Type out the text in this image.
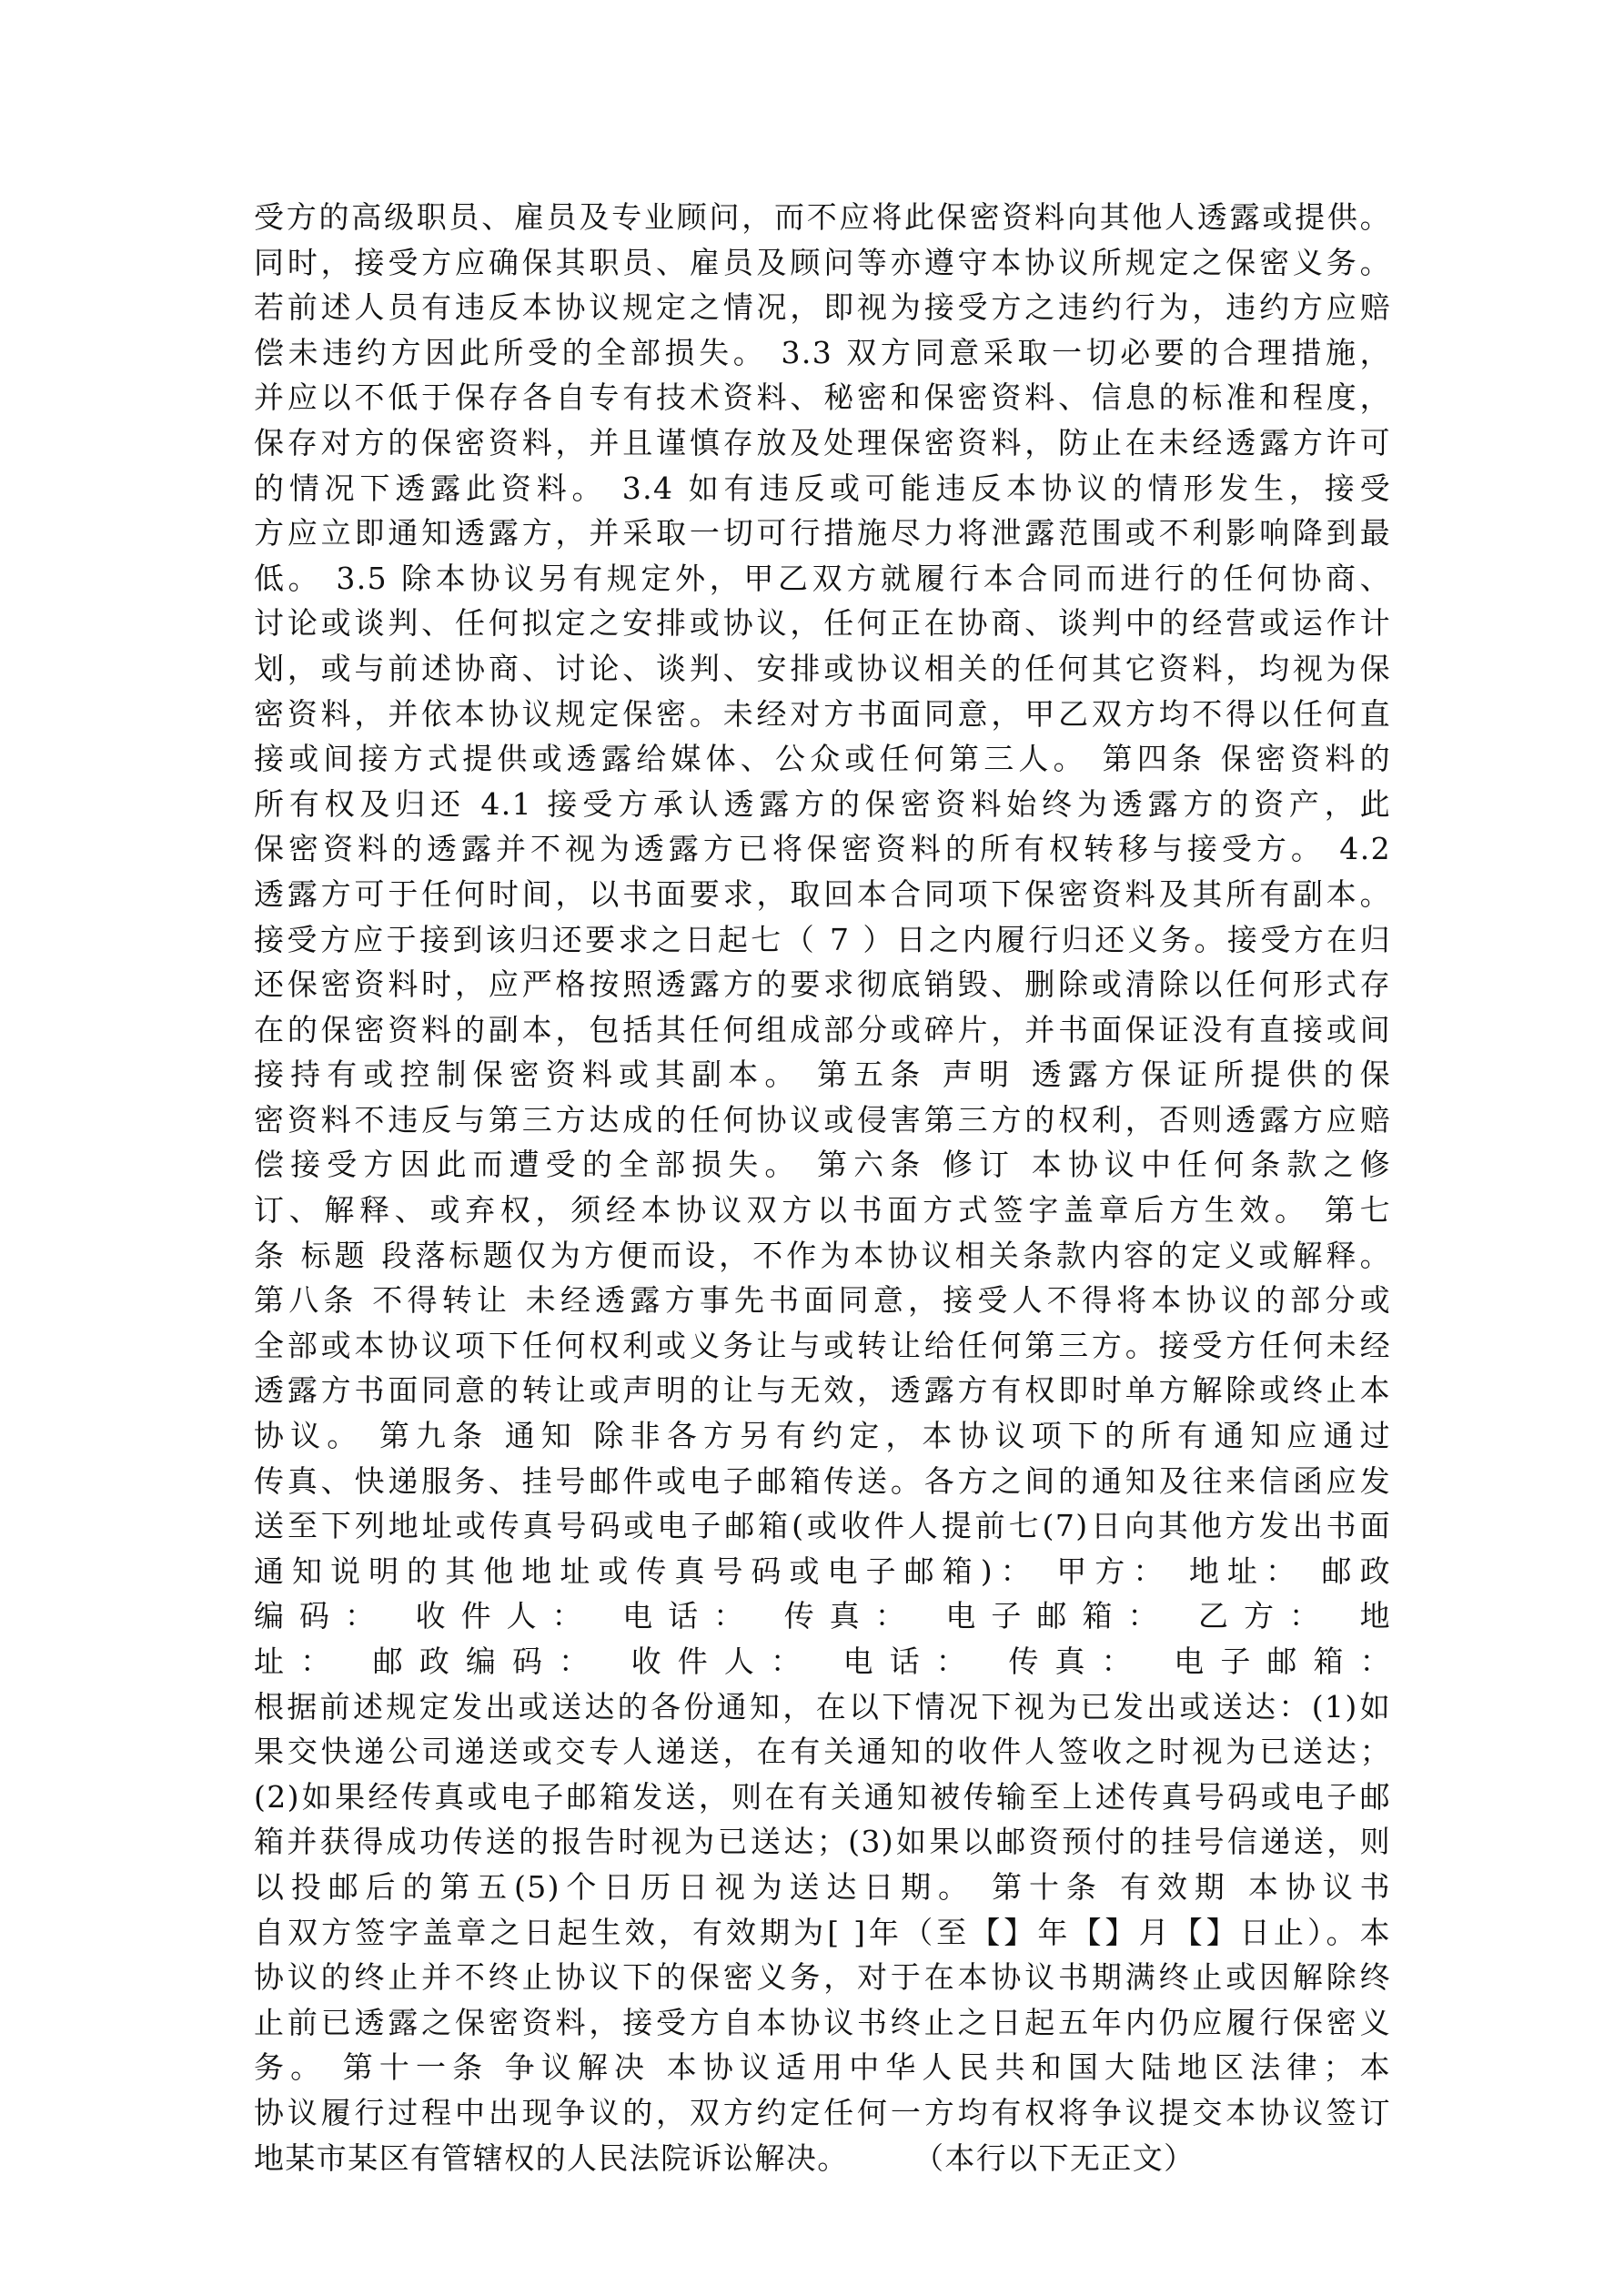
受方的高级职员、雇员及专业顾问，而不应将此保密资料向其他人透露或提供。
同时，接受方应确保其职员、雇员及顾问等亦遵守本协议所规定之保密义务。
若前述人员有违反本协议规定之情况，即视为接受方之违约行为，违约方应赔
偿未违约方因此所受的全部损失。 3.3 双方同意采取一切必要的合理措施，
并应以不低于保存各自专有技术资料、秘密和保密资料、信息的标准和程度，
保存对方的保密资料，并且谨慎存放及处理保密资料，防止在未经透露方许可
的情况下透露此资料。 3.4 如有违反或可能违反本协议的情形发生，接受
方应立即通知透露方，并采取一切可行措施尽力将泄露范围或不利影响降到最
低。 3.5 除本协议另有规定外，甲乙双方就履行本合同而进行的任何协商、
讨论或谈判、任何拟定之安排或协议，任何正在协商、谈判中的经营或运作计
划，或与前述协商、讨论、谈判、安排或协议相关的任何其它资料，均视为保
密资料，并依本协议规定保密。未经对方书面同意，甲乙双方均不得以任何直
接或间接方式提供或透露给媒体、公众或任何第三人。 第四条 保密资料的
所有权及归还 4.1 接受方承认透露方的保密资料始终为透露方的资产，此
保密资料的透露并不视为透露方已将保密资料的所有权转移与接受方。 4.2
透露方可于任何时间，以书面要求，取回本合同项下保密资料及其所有副本。
接受方应于接到该归还要求之日起七（ 7 ）日之内履行归还义务。接受方在归
还保密资料时，应严格按照透露方的要求彻底销毁、删除或清除以任何形式存
在的保密资料的副本，包括其任何组成部分或碎片，并书面保证没有直接或间
接持有或控制保密资料或其副本。 第五条 声明 透露方保证所提供的保
密资料不违反与第三方达成的任何协议或侵害第三方的权利，否则透露方应赔
偿接受方因此而遭受的全部损失。 第六条 修订 本协议中任何条款之修
订、解释、或弃权，须经本协议双方以书面方式签字盖章后方生效。 第七
条 标题 段落标题仅为方便而设，不作为本协议相关条款内容的定义或解释。
第八条 不得转让 未经透露方事先书面同意，接受人不得将本协议的部分或
全部或本协议项下任何权利或义务让与或转让给任何第三方。接受方任何未经
透露方书面同意的转让或声明的让与无效，透露方有权即时单方解除或终止本
协议。 第九条 通知 除非各方另有约定，本协议项下的所有通知应通过
传真、快递服务、挂号邮件或电子邮箱传送。各方之间的通知及往来信函应发
送至下列地址或传真号码或电子邮箱(或收件人提前七(7)日向其他方发出书面
通知说明的其他地址或传真号码或电子邮箱)： 甲方： 地址： 邮政
编码： 收件人： 电话： 传真： 电子邮箱： 乙方： 地
址： 邮政编码： 收件人： 电话： 传真： 电子邮箱：
根据前述规定发出或送达的各份通知，在以下情况下视为已发出或送达：(1)如
果交快递公司递送或交专人递送，在有关通知的收件人签收之时视为已送达；
(2)如果经传真或电子邮箱发送，则在有关通知被传输至上述传真号码或电子邮
箱并获得成功传送的报告时视为已送达；(3)如果以邮资预付的挂号信递送，则
以投邮后的第五(5)个日历日视为送达日期。 第十条 有效期 本协议书
自双方签字盖章之日起生效，有效期为[ ]年（至【】年【】月【】日止）。本
协议的终止并不终止协议下的保密义务，对于在本协议书期满终止或因解除终
止前已透露之保密资料，接受方自本协议书终止之日起五年内仍应履行保密义
务。 第十一条 争议解决 本协议适用中华人民共和国大陆地区法律；本
协议履行过程中出现争议的，双方约定任何一方均有权将争议提交本协议签订
地某市某区有管辖权的人民法院诉讼解决。      （本行以下无正文）
